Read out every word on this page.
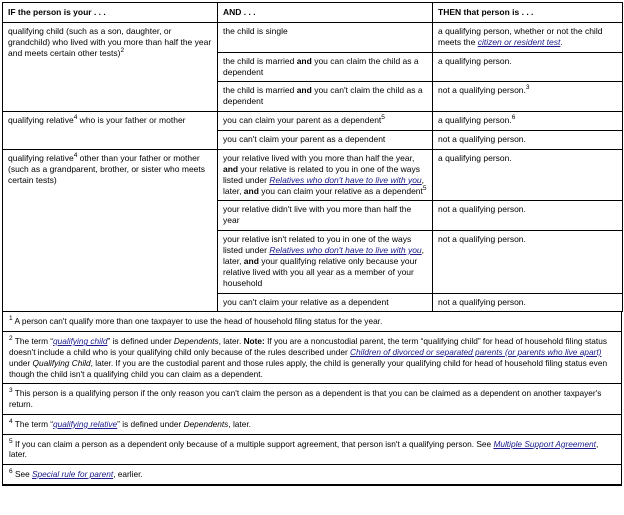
IF the person is your . . .	AND . . .	THEN that person is . . .
qualifying child (such as a son, daughter, or grandchild) who lived with you more than half the year and meets certain other tests)$^2$	the child is single	a qualifying person, whether or not the child meets the citizen or resident test.
	the child is married and you can claim the child as a dependent	a qualifying person.
	the child is married and you can't claim the child as a dependent	not a qualifying person.$^3$
qualifying relative$^4$ who is your father or mother	you can claim your parent as a dependent$^5$	a qualifying person.$^6$
	you can't claim your parent as a dependent	not a qualifying person.
qualifying relative$^4$ other than your father or mother (such as a grandparent, brother, or sister who meets certain tests)	your relative lived with you more than half the year, and your relative is related to you in one of the ways listed under Relatives who don't have to live with you, later, and you can claim your relative as a dependent$^5$	a qualifying person.
	your relative didn't live with you more than half the year	not a qualifying person.
	your relative isn't related to you in one of the ways listed under Relatives who don't have to live with you, later, and your qualifying relative only because your relative lived with you all year as a member of your household	not a qualifying person.
	you can't claim your relative as a dependent	not a qualifying person.
$^1$ A person can't qualify more than one taxpayer to use the head of household filing status for the year.
$^2$ The term “qualifying child” is defined under Dependents, later. Note: If you are a noncustodial parent, the term “qualifying child” for head of household filing status doesn't include a child who is your qualifying child only because of the rules described under Children of divorced or separated parents (or parents who live apart) under Qualifying Child, later. If you are the custodial parent and those rules apply, the child is generally your qualifying child for head of household filing status even though the child isn't a qualifying child you can claim as a dependent.
$^3$ This person is a qualifying person if the only reason you can't claim the person as a dependent is that you can be claimed as a dependent on another taxpayer's return.
$^4$ The term “qualifying relative” is defined under Dependents, later.
$^5$ If you can claim a person as a dependent only because of a multiple support agreement, that person isn't a qualifying person. See Multiple Support Agreement, later.
$^6$ See Special rule for parent, earlier.
